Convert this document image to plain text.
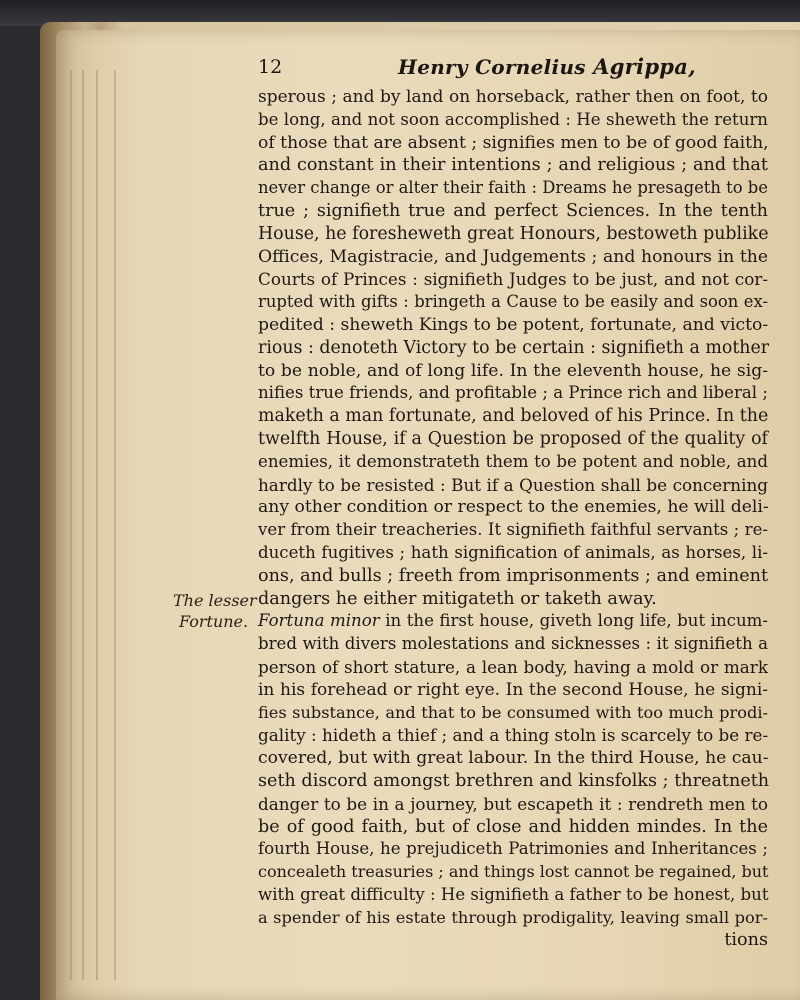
12	Henry Cornelius Agrippa,
The lesser
Fortune.
sperous ; and by land on horseback, rather then on foot, to
be long, and not soon accomplished : He sheweth the return
of those that are absent ; signifies men to be of good faith,
and constant in their intentions ; and religious ; and that
never change or alter their faith : Dreams he presageth to be
true ; signifieth true and perfect Sciences. In the tenth
House, he foresheweth great Honours, bestoweth publike
Offices, Magistracie, and Judgements ; and honours in the
Courts of Princes : signifieth Judges to be just, and not cor-
rupted with gifts : bringeth a Cause to be easily and soon ex-
pedited : sheweth Kings to be potent, fortunate, and victo-
rious : denoteth Victory to be certain : signifieth a mother
to be noble, and of long life. In the eleventh house, he sig-
nifies true friends, and profitable ; a Prince rich and liberal ;
maketh a man fortunate, and beloved of his Prince. In the
twelfth House, if a Question be proposed of the quality of
enemies, it demonstrateth them to be potent and noble, and
hardly to be resisted : But if a Question shall be concerning
any other condition or respect to the enemies, he will deli-
ver from their treacheries. It signifieth faithful servants ; re-
duceth fugitives ; hath signification of animals, as horses, li-
ons, and bulls ; freeth from imprisonments ; and eminent
dangers he either mitigateth or taketh away.
Fortuna minor in the first house, giveth long life, but incum-
bred with divers molestations and sicknesses : it signifieth a
person of short stature, a lean body, having a mold or mark
in his forehead or right eye. In the second House, he signi-
fies substance, and that to be consumed with too much prodi-
gality : hideth a thief ; and a thing stoln is scarcely to be re-
covered, but with great labour. In the third House, he cau-
seth discord amongst brethren and kinsfolks ; threatneth
danger to be in a journey, but escapeth it : rendreth men to
be of good faith, but of close and hidden mindes. In the
fourth House, he prejudiceth Patrimonies and Inheritances ;
concealeth treasuries ; and things lost cannot be regained, but
with great difficulty : He signifieth a father to be honest, but
a spender of his estate through prodigality, leaving small por-
tions
